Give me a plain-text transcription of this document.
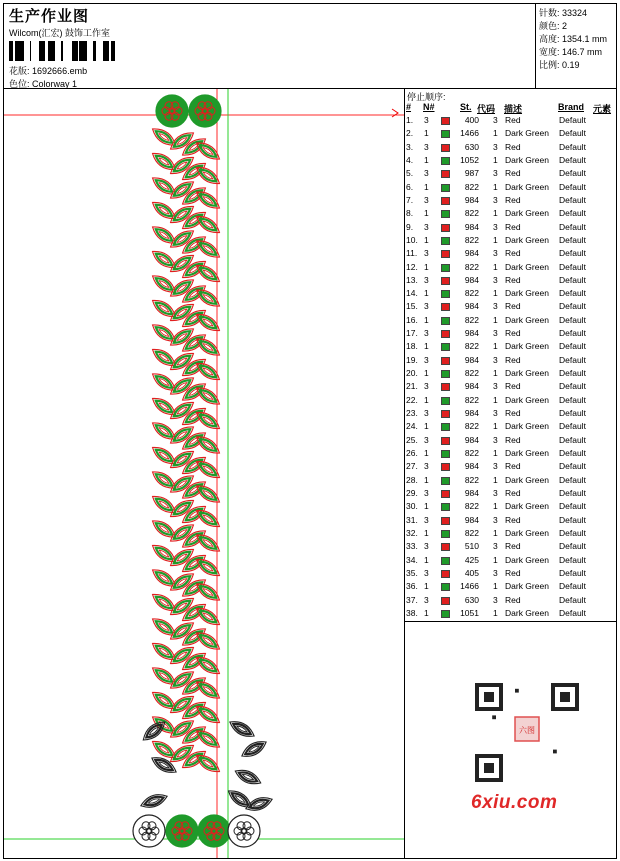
生产作业图
Wilcom(汇宏) 鼓饰工作室
花版: 1692666.emb
色位: Colorway 1
针数: 33324
颜色: 2
高度: 1354.1 mm
宽度: 146.7 mm
比例: 0.19
停止顺序:
# N#	St. 代码 描述	Brand 元素
1. 3	400 3 Red	Default
2. 1	1466 1 Dark Green Default
3. 3	630 3 Red	Default
4. 1	1052 1 Dark Green Default
5. 3	987 3 Red	Default
6. 1	822 1 Dark Green Default
7. 3	984 3 Red	Default
8. 1	822 1 Dark Green Default
9. 3	984 3 Red	Default
10. 1	822 1 Dark Green Default
11. 3	984 3 Red	Default
12. 1	822 1 Dark Green Default
13. 3	984 3 Red	Default
14. 1	822 1 Dark Green Default
15. 3	984 3 Red	Default
16. 1	822 1 Dark Green Default
17. 3	984 3 Red	Default
18. 1	822 1 Dark Green Default
19. 3	984 3 Red	Default
20. 1	822 1 Dark Green Default
21. 3	984 3 Red	Default
22. 1	822 1 Dark Green Default
23. 3	984 3 Red	Default
24. 1	822 1 Dark Green Default
25. 3	984 3 Red	Default
26. 1	822 1 Dark Green Default
27. 3	984 3 Red	Default
28. 1	822 1 Dark Green Default
29. 3	984 3 Red	Default
30. 1	822 1 Dark Green Default
31. 3	984 3 Red	Default
32. 1	822 1 Dark Green Default
33. 3	510 3 Red	Default
34. 1	425 1 Dark Green Default
35. 3	405 3 Red	Default
36. 1	1466 1 Dark Green Default
37. 3	630 3 Red	Default
38. 1	1051 1 Dark Green Default
六图
6xiu.com
